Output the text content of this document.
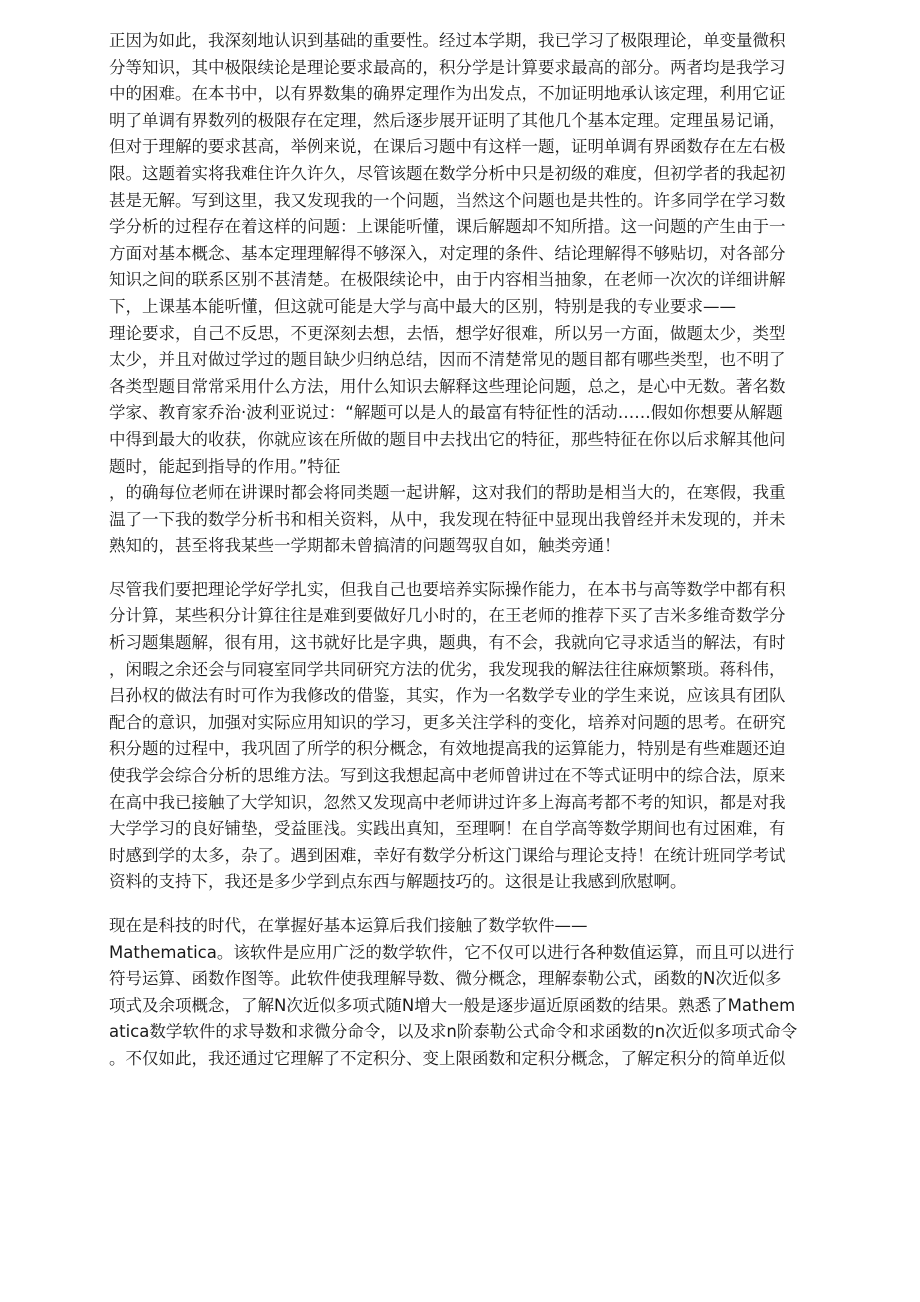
正因为如此，我深刻地认识到基础的重要性。经过本学期，我已学习了极限理论，单变量微积
分等知识，其中极限续论是理论要求最高的，积分学是计算要求最高的部分。两者均是我学习
中的困难。在本书中，以有界数集的确界定理作为出发点，不加证明地承认该定理，利用它证
明了单调有界数列的极限存在定理，然后逐步展开证明了其他几个基本定理。定理虽易记诵，
但对于理解的要求甚高，举例来说，在课后习题中有这样一题，证明单调有界函数存在左右极
限。这题着实将我难住许久许久，尽管该题在数学分析中只是初级的难度，但初学者的我起初
甚是无解。写到这里，我又发现我的一个问题，当然这个问题也是共性的。许多同学在学习数
学分析的过程存在着这样的问题：上课能听懂，课后解题却不知所措。这一问题的产生由于一
方面对基本概念、基本定理理解得不够深入，对定理的条件、结论理解得不够贴切，对各部分
知识之间的联系区别不甚清楚。在极限续论中，由于内容相当抽象，在老师一次次的详细讲解
下，上课基本能听懂，但这就可能是大学与高中最大的区别，特别是我的专业要求——
理论要求，自己不反思，不更深刻去想，去悟，想学好很难，所以另一方面，做题太少，类型
太少，并且对做过学过的题目缺少归纳总结，因而不清楚常见的题目都有哪些类型，也不明了
各类型题目常常采用什么方法，用什么知识去解释这些理论问题，总之，是心中无数。著名数
学家、教育家乔治·波利亚说过：“解题可以是人的最富有特征性的活动……假如你想要从解题
中得到最大的收获，你就应该在所做的题目中去找出它的特征，那些特征在你以后求解其他问
题时，能起到指导的作用。”特征
，的确每位老师在讲课时都会将同类题一起讲解，这对我们的帮助是相当大的，在寒假，我重
温了一下我的数学分析书和相关资料，从中，我发现在特征中显现出我曾经并未发现的，并未
熟知的，甚至将我某些一学期都未曾搞清的问题驾驭自如，触类旁通！

尽管我们要把理论学好学扎实，但我自己也要培养实际操作能力，在本书与高等数学中都有积
分计算，某些积分计算往往是难到要做好几小时的，在王老师的推荐下买了吉米多维奇数学分
析习题集题解，很有用，这书就好比是字典，题典，有不会，我就向它寻求适当的解法，有时
，闲暇之余还会与同寝室同学共同研究方法的优劣，我发现我的解法往往麻烦繁琐。蒋科伟，
吕孙权的做法有时可作为我修改的借鉴，其实，作为一名数学专业的学生来说，应该具有团队
配合的意识，加强对实际应用知识的学习，更多关注学科的变化，培养对问题的思考。在研究
积分题的过程中，我巩固了所学的积分概念，有效地提高我的运算能力，特别是有些难题还迫
使我学会综合分析的思维方法。写到这我想起高中老师曾讲过在不等式证明中的综合法，原来
在高中我已接触了大学知识，忽然又发现高中老师讲过许多上海高考都不考的知识，都是对我
大学学习的良好铺垫，受益匪浅。实践出真知，至理啊！在自学高等数学期间也有过困难，有
时感到学的太多，杂了。遇到困难，幸好有数学分析这门课给与理论支持！在统计班同学考试
资料的支持下，我还是多少学到点东西与解题技巧的。这很是让我感到欣慰啊。

现在是科技的时代，在掌握好基本运算后我们接触了数学软件——
Mathematica。该软件是应用广泛的数学软件，它不仅可以进行各种数值运算，而且可以进行
符号运算、函数作图等。此软件使我理解导数、微分概念，理解泰勒公式，函数的N次近似多
项式及余项概念，了解N次近似多项式随N增大一般是逐步逼近原函数的结果。熟悉了Mathem
atica数学软件的求导数和求微分命令，以及求n阶泰勒公式命令和求函数的n次近似多项式命令
。不仅如此，我还通过它理解了不定积分、变上限函数和定积分概念，了解定积分的简单近似
